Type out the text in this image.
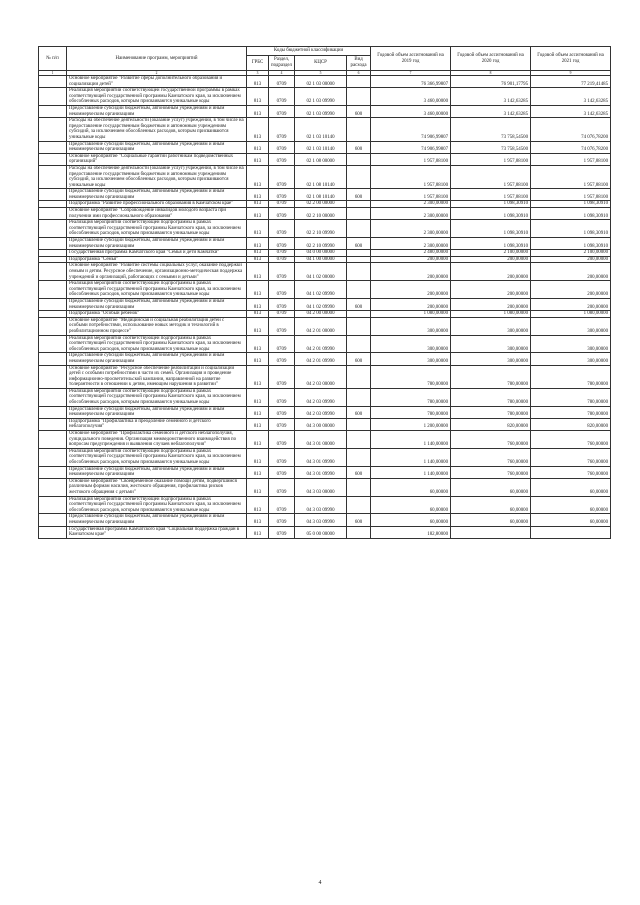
№ п/п	Наименование программ, мероприятий	Коды бюджетной классификации				Годовой объем ассигнований на 2019 год	Годовой объем ассигнований на 2020 год	Годовой объем ассигнований на 2021 год
		ГРБС	Раздел, подраздел	КЦСР	Вид расхода			
1	2	3	4	5	6	7	8	9
	Основное мероприятие "Развитие сферы дополнительного образования и социализации детей"	813	0709	02 1 03 00000		76 366,99807	76 901,17795	77 219,41485
	Реализация мероприятий соответствующей государственной программы в рамках соответствующей государственной программы Камчатского края, за исключением обособленных расходов, которым присваиваются уникальные коды	813	0709	02 1 03 09990		3 460,00000	3 142,63285	3 142,63285
	Предоставление субсидий бюджетным, автономным учреждениям и иным некоммерческим организациям	813	0709	02 1 03 09990	600	3 460,00000	3 142,63285	3 142,63285
	Расходы на обеспечение деятельности (оказание услуг) учреждений, в том числе на предоставление государственным бюджетным и автономным учреждениям субсидий, за исключением обособленных расходов, которым присваиваются уникальные коды	813	0709	02 1 03 10140		74 906,99807	73 758,54500	74 076,78200
	Предоставление субсидий бюджетным, автономным учреждениям и иным некоммерческим организациям	813	0709	02 1 03 10140	600	74 906,99807	73 758,54500	74 076,78200
	Основное мероприятие "Социальные гарантии работникам подведомственных организаций"	813	0709	02 1 08 00000		1 957,88100	1 957,88100	1 957,88100
	Расходы на обеспечение деятельности (оказание услуг) учреждений, в том числе на предоставление государственным бюджетным и автономным учреждениям субсидий, за исключением обособленных расходов, которым присваиваются уникальные коды	813	0709	02 1 08 10140		1 957,88100	1 957,88100	1 957,88100
	Предоставление субсидий бюджетным, автономным учреждениям и иным некоммерческим организациям	813	0709	02 1 08 10140	600	1 957,88100	1 957,88100	1 957,88100
	Подпрограмма "Развитие профессионального образования в Камчатском крае"	813	0709	02 2 00 00000		2 300,00000	1 098,30910	1 098,30910
	Основное мероприятие "Сопровождение инвалидов молодого возраста при получении ими профессионального образования"	813	0709	02 2 10 00000		2 300,00000	1 098,30910	1 098,30910
	Реализация мероприятий соответствующей подпрограммы в рамках соответствующей государственной программы Камчатского края, за исключением обособленных расходов, которым присваиваются уникальные коды	813	0709	02 2 10 09990		2 300,00000	1 098,30910	1 098,30910
	Предоставление субсидий бюджетным, автономным учреждениям и иным некоммерческим организациям	813	0709	02 2 10 09990	600	2 300,00000	1 098,30910	1 098,30910
	Государственная программа Камчатского края "Семья и дети Камчатки"	813	0709	04 0 00 00000		2 480,00000	2 100,00000	2 100,00000
	Подпрограмма "Семья"	813	0709	04 1 00 00000		200,00000	200,00000	200,00000
	Основное мероприятие "Развитие системы социальных услуг, оказание поддержки семьям и детям. Ресурсное обеспечение, организационно-методическая поддержка учреждений и организаций, работающих с семьями и детьми"	813	0709	04 1 02 00000		200,00000	200,00000	200,00000
	Реализация мероприятий соответствующей подпрограммы в рамках соответствующей государственной программы Камчатского края, за исключением обособленных расходов, которым присваиваются уникальные коды	813	0709	04 1 02 09990		200,00000	200,00000	200,00000
	Предоставление субсидий бюджетным, автономным учреждениям и иным некоммерческим организациям	813	0709	04 1 02 09990	600	200,00000	200,00000	200,00000
	Подпрограмма "Особый ребенок"	813	0709	04 2 00 00000		1 080,00000	1 080,00000	1 080,00000
	Основное мероприятие "Медицинская и социальная реабилитация детей с особыми потребностями, использование новых методик и технологий в реабилитационном процессе"	813	0709	04 2 01 00000		300,00000	300,00000	300,00000
	Реализация мероприятий соответствующей подпрограммы в рамках соответствующей государственной программы Камчатского края, за исключением обособленных расходов, которым присваиваются уникальные коды	813	0709	04 2 01 09990		300,00000	300,00000	300,00000
	Предоставление субсидий бюджетным, автономным учреждениям и иным некоммерческим организациям	813	0709	04 2 01 09990	600	300,00000	300,00000	300,00000
	Основное мероприятие "Ресурсное обеспечение реабилитации и социализации детей с особыми потребностями в части их семей. Организация и проведение информационно-просветительской кампании, направленной на развитие толерантности в отношении к детям, имеющим нарушения в развитии"	813	0709	04 2 03 00000		780,00000	780,00000	780,00000
	Реализация мероприятий соответствующей подпрограммы в рамках соответствующей государственной программы Камчатского края, за исключением обособленных расходов, которым присваиваются уникальные коды	813	0709	04 2 03 09990		780,00000	780,00000	780,00000
	Предоставление субсидий бюджетным, автономным учреждениям и иным некоммерческим организациям	813	0709	04 2 03 09990	600	780,00000	780,00000	780,00000
	Подпрограмма "Профилактика и преодоление семейного и детского неблагополучия"	813	0709	04 3 00 00000		1 200,00000	820,00000	820,00000
	Основное мероприятие "Профилактика семейного и детского неблагополучия, суицидального поведения. Организация межведомственного взаимодействия по вопросам предупреждения и выявления случаев неблагополучия"	813	0709	04 3 01 00000		1 140,00000	760,00000	760,00000
	Реализация мероприятий соответствующей подпрограммы в рамках соответствующей государственной программы Камчатского края, за исключением обособленных расходов, которым присваиваются уникальные коды	813	0709	04 3 01 09990		1 140,00000	760,00000	760,00000
	Предоставление субсидий бюджетным, автономным учреждениям и иным некоммерческим организациям	813	0709	04 3 01 09990	600	1 140,00000	760,00000	760,00000
	Основное мероприятие "Своевременное оказание помощи детям, подвергшимся различным формам насилия, жестокого обращения, профилактика рисков жестокого обращения с детьми"	813	0709	04 3 03 00000		60,00000	60,00000	60,00000
	Реализация мероприятий соответствующей подпрограммы в рамках соответствующей государственной программы Камчатского края, за исключением обособленных расходов, которым присваиваются уникальные коды	813	0709	04 3 03 09990		60,00000	60,00000	60,00000
	Предоставление субсидий бюджетным, автономным учреждениям и иным некоммерческим организациям	813	0709	04 3 03 09990	600	60,00000	60,00000	60,00000
	Государственная программа Камчатского края "Социальная поддержка граждан в Камчатском крае"	813	0709	05 0 00 00000		182,80000		
4
